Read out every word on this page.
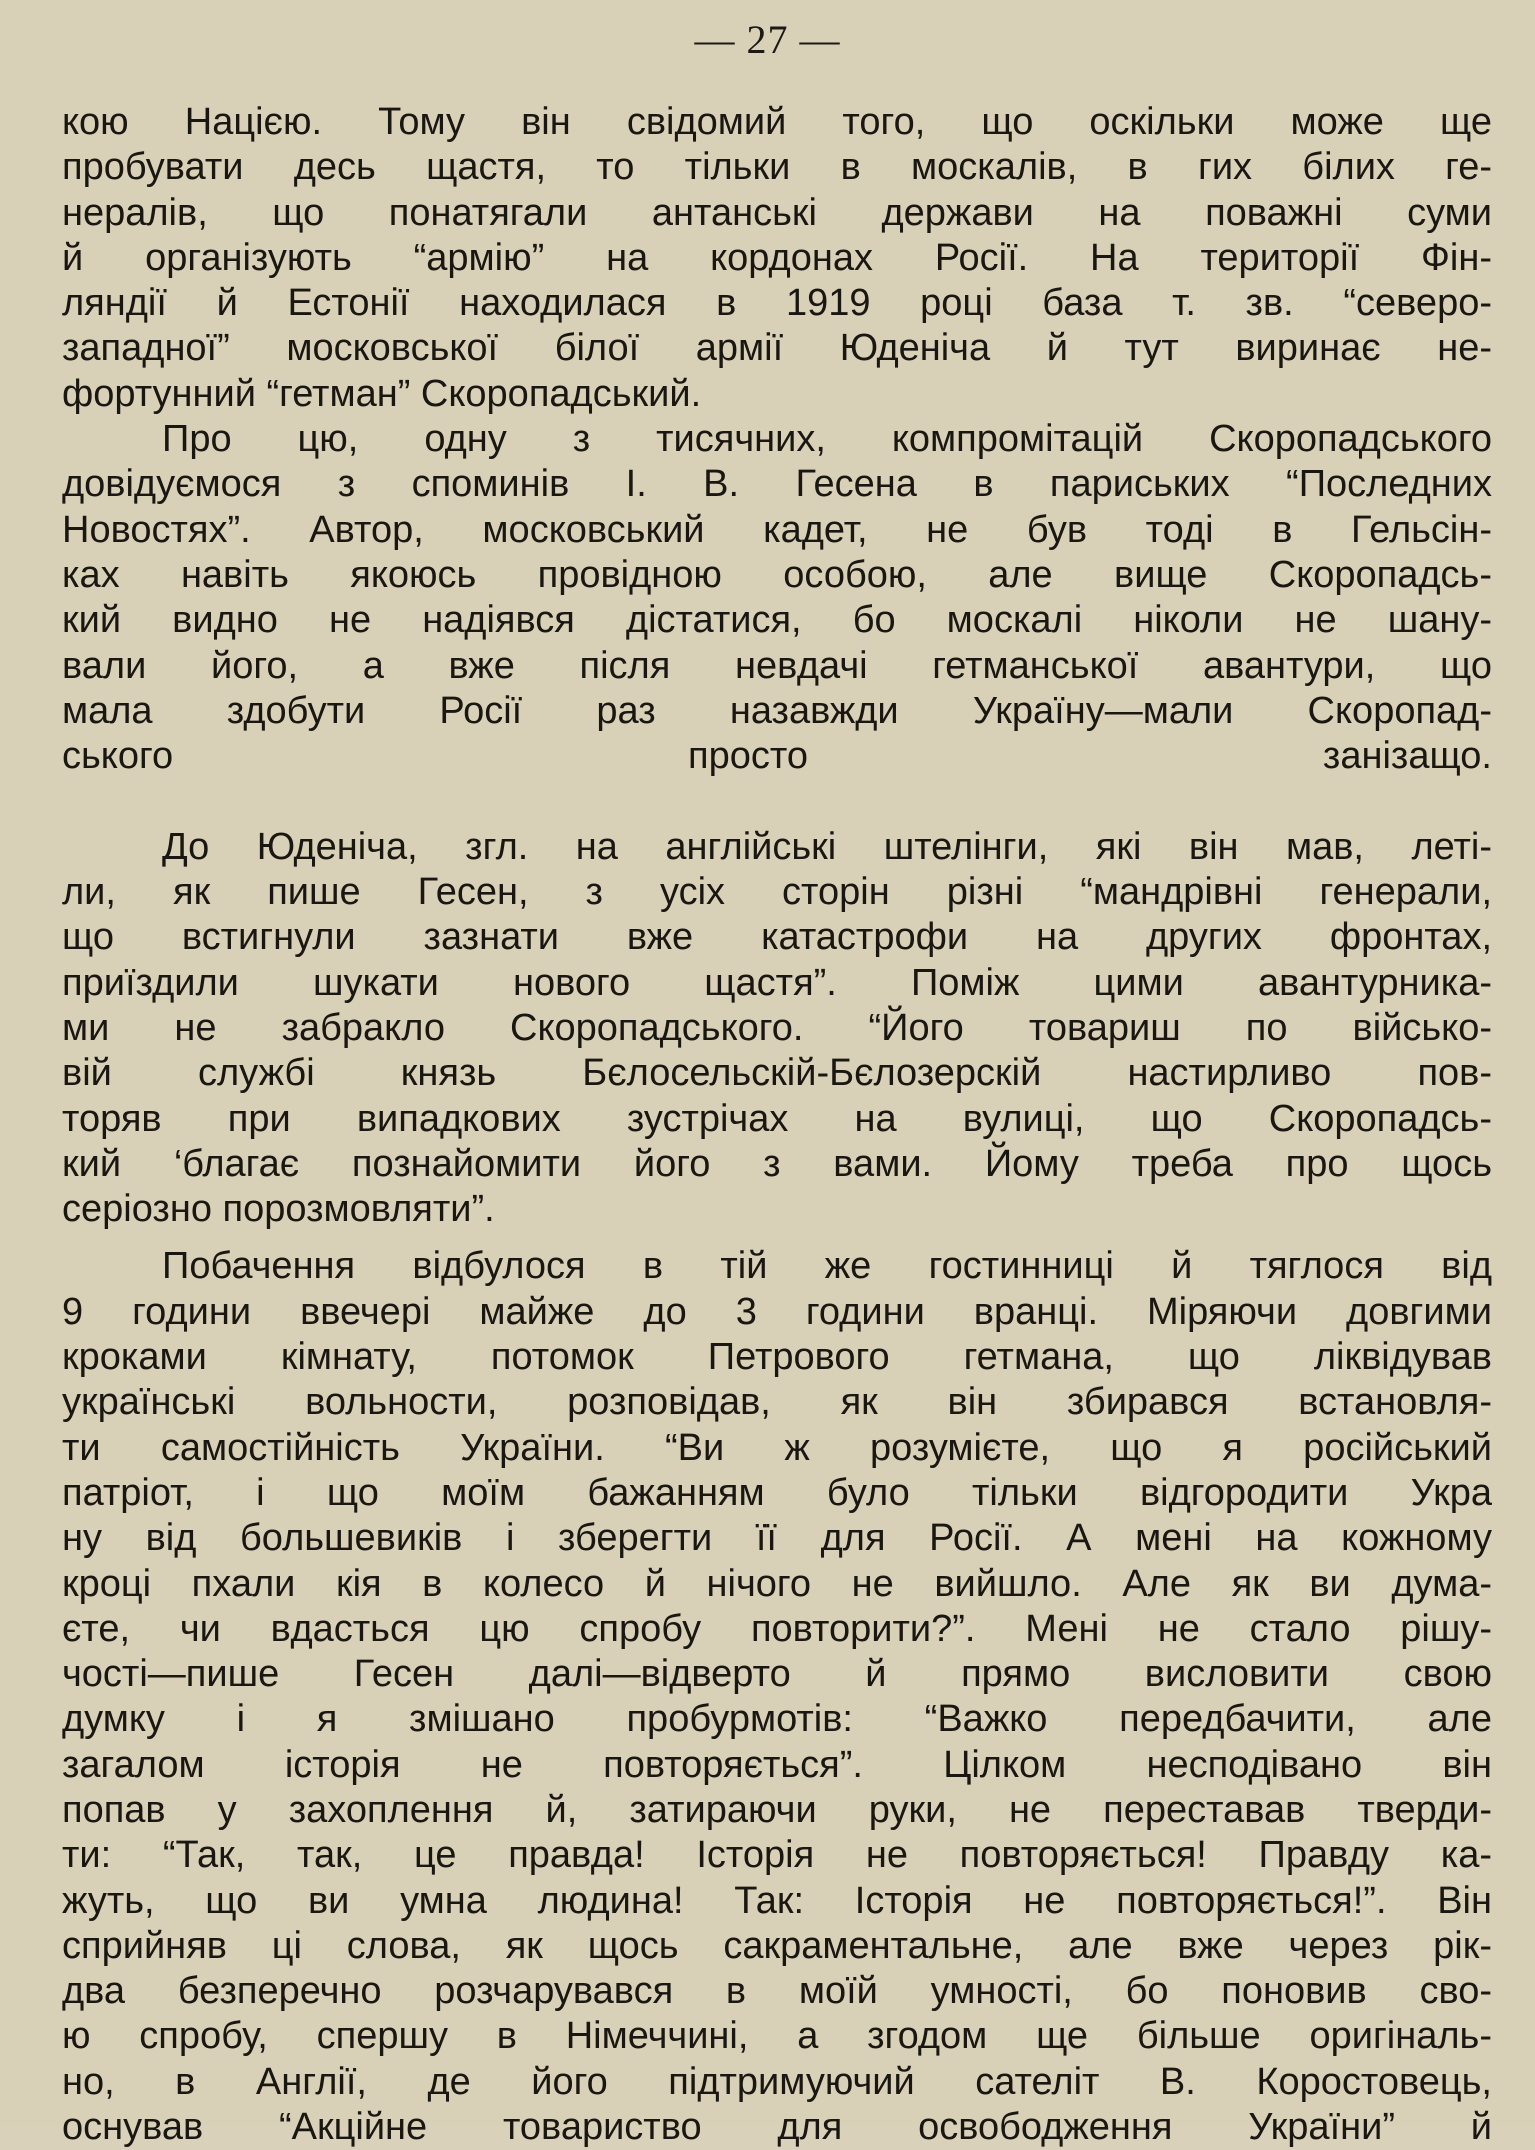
— 27 —
кою Нацією. Тому він свідомий того, що оскільки може ще
пробувати десь щастя, то тільки в москалів, в гих білих ге-
нералів, що понатягали антанські держави на поважні суми
й організують “армію” на кордонах Росії. На території Фін-
ляндії й Естонії находилася в 1919 році база т. зв. “северо-
западної” московської білої армії Юденіча й тут виринає не-
фортунний “гетман” Скоропадський.
Про цю, одну з тисячних, компромітацій Скоропадського
довідуємося з споминів І. В. Гесена в париських “Последних
Новостях”. Автор, московський кадет, не був тоді в Гельсін-
ках навіть якоюсь провідною особою, але вище Скоропадсь-
кий видно не надіявся дістатися, бо москалі ніколи не шану-
вали його, а вже після невдачі гетманської авантури, що
мала здобути Росії раз назавжди Україну—мали Скоропад-
ського просто занізащо.
До Юденіча, згл. на англійські штелінги, які він мав, летi-
ли, як пише Гесен, з усіх сторін різні “мандрівні генерали,
що встигнули зазнати вже катастрофи на других фронтах,
приїздили шукати нового щастя”. Поміж цими авантурника-
ми не забракло Скоропадського. “Його товариш по військо-
вій службі князь Бєлосельскій-Бєлозерскій настирливо пов-
торяв при випадкових зустрічах на вулиці, що Скоропадсь-
кий ‘благає познайомити його з вами. Йому треба про щось
серіозно порозмовляти”.
Побачення відбулося в тій же гостинниці й тяглося від
9 години ввечері майже до 3 години вранці. Міряючи довгими
кроками кімнату, потомок Петрового гетмана, що ліквідував
українські вольности, розповідав, як він збирався встановля-
ти самостійність України. “Ви ж розумієте, що я російський
патріот, і що моїм бажанням було тільки відгородити Укра
ну від большевиків і зберегти її для Росії. А мені на кожному
кроці пхали кія в колесо й нічого не вийшло. Але як ви дума-
єте, чи вдасться цю спробу повторити?”. Мені не стало рішу-
чості—пише Гесен далі—відверто й прямо висловити свою
думку і я змішано пробурмотів: “Важко передбачити, але
загалом історія не повторяється”. Цілком несподівано він
попав у захоплення й, затираючи руки, не переставав тверди-
ти: “Так, так, це правда! Історія не повторяється! Правду ка-
жуть, що ви умна людина! Так: Історія не повторяється!”. Він
сприйняв ці слова, як щось сакраментальне, але вже через рік-
два безперечно розчарувався в моїй умності, бо поновив сво-
ю спробу, спершу в Німеччині, а згодом ще більше оригіналь-
но, в Англії, де його підтримуючий сателіт В. Коростовець,
оснував “Акційне товариство для освободження України” й
